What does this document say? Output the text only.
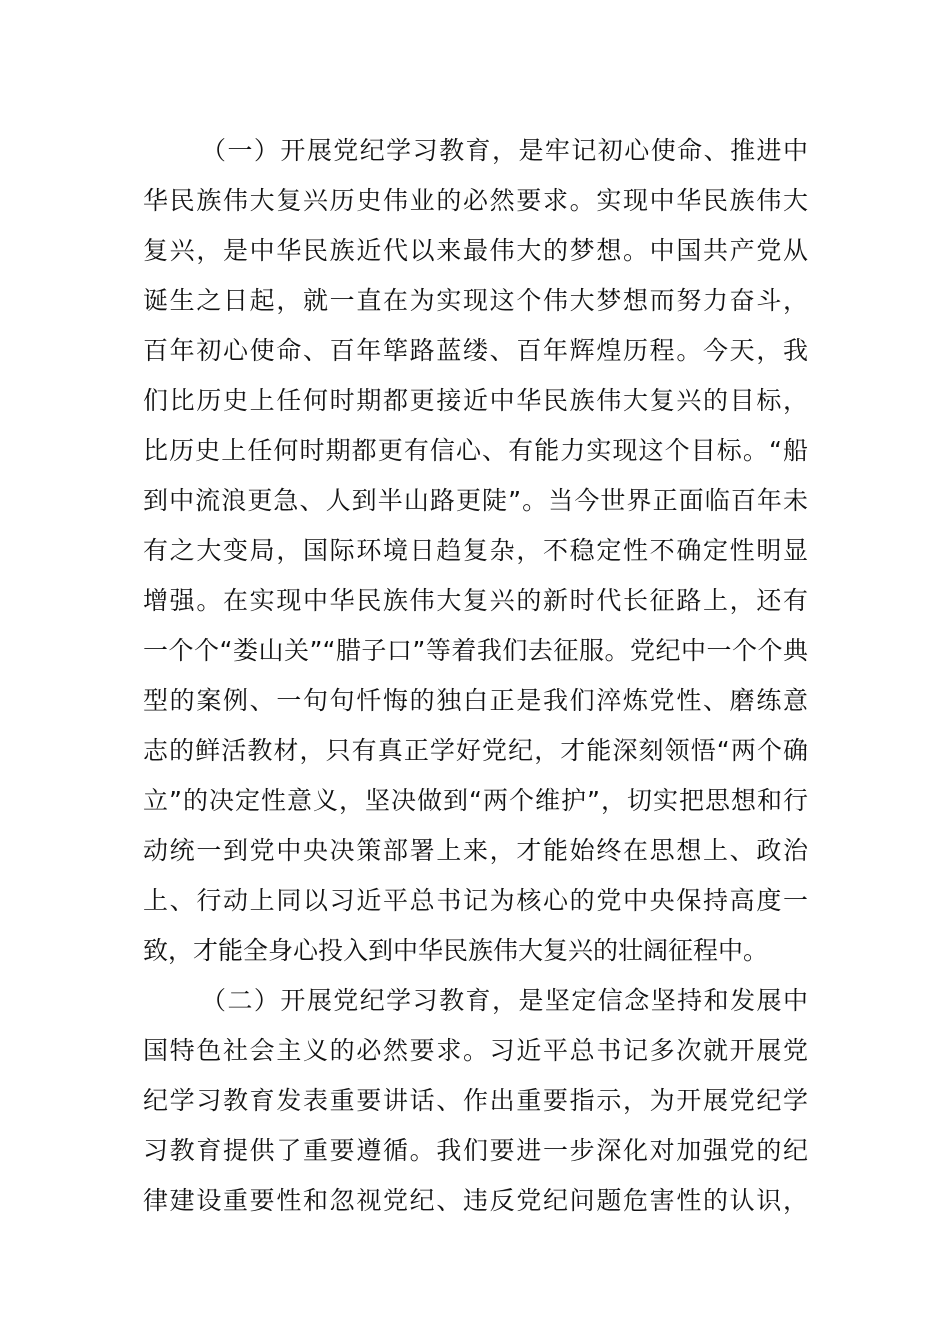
（一）开展党纪学习教育，是牢记初心使命、推进中
华民族伟大复兴历史伟业的必然要求。实现中华民族伟大
复兴，是中华民族近代以来最伟大的梦想。中国共产党从
诞生之日起，就一直在为实现这个伟大梦想而努力奋斗，
百年初心使命、百年筚路蓝缕、百年辉煌历程。今天，我
们比历史上任何时期都更接近中华民族伟大复兴的目标，
比历史上任何时期都更有信心、有能力实现这个目标。“船
到中流浪更急、人到半山路更陡”。当今世界正面临百年未
有之大变局，国际环境日趋复杂，不稳定性不确定性明显
增强。在实现中华民族伟大复兴的新时代长征路上，还有
一个个“娄山关”“腊子口”等着我们去征服。党纪中一个个典
型的案例、一句句忏悔的独白正是我们淬炼党性、磨练意
志的鲜活教材，只有真正学好党纪，才能深刻领悟“两个确
立”的决定性意义，坚决做到“两个维护”，切实把思想和行
动统一到党中央决策部署上来，才能始终在思想上、政治
上、行动上同以习近平总书记为核心的党中央保持高度一
致，才能全身心投入到中华民族伟大复兴的壮阔征程中。
（二）开展党纪学习教育，是坚定信念坚持和发展中
国特色社会主义的必然要求。习近平总书记多次就开展党
纪学习教育发表重要讲话、作出重要指示，为开展党纪学
习教育提供了重要遵循。我们要进一步深化对加强党的纪
律建设重要性和忽视党纪、违反党纪问题危害性的认识，
